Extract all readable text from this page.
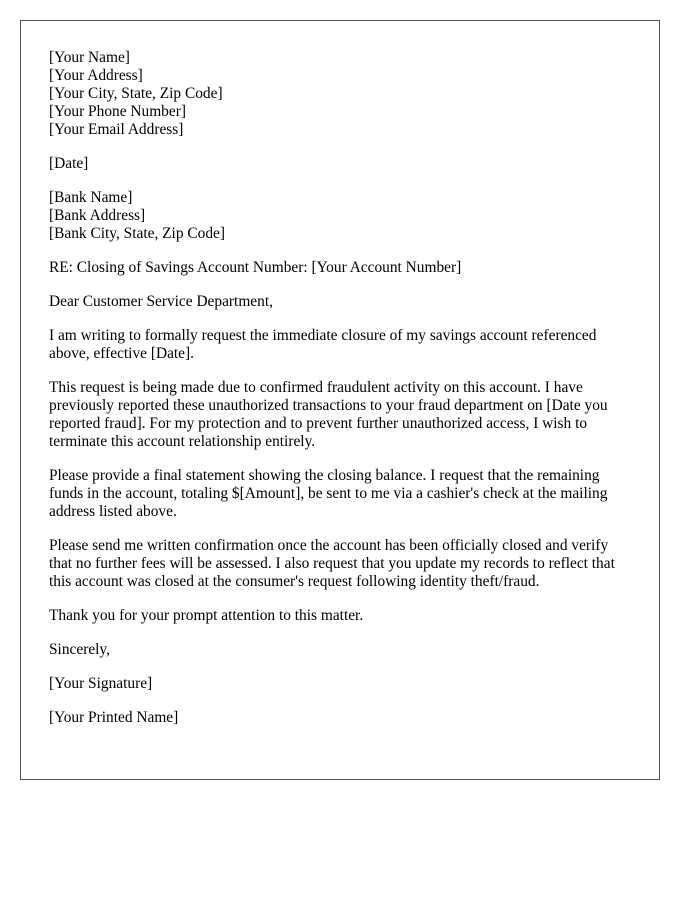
[Your Name]
[Your Address]
[Your City, State, Zip Code]
[Your Phone Number]
[Your Email Address]

[Date]

[Bank Name]
[Bank Address]
[Bank City, State, Zip Code]

RE: Closing of Savings Account Number: [Your Account Number]

Dear Customer Service Department,

I am writing to formally request the immediate closure of my savings account referenced above, effective [Date].

This request is being made due to confirmed fraudulent activity on this account. I have previously reported these unauthorized transactions to your fraud department on [Date you reported fraud]. For my protection and to prevent further unauthorized access, I wish to terminate this account relationship entirely.

Please provide a final statement showing the closing balance. I request that the remaining funds in the account, totaling $[Amount], be sent to me via a cashier's check at the mailing address listed above.

Please send me written confirmation once the account has been officially closed and verify that no further fees will be assessed. I also request that you update my records to reflect that this account was closed at the consumer's request following identity theft/fraud.

Thank you for your prompt attention to this matter.

Sincerely,

[Your Signature]

[Your Printed Name]
